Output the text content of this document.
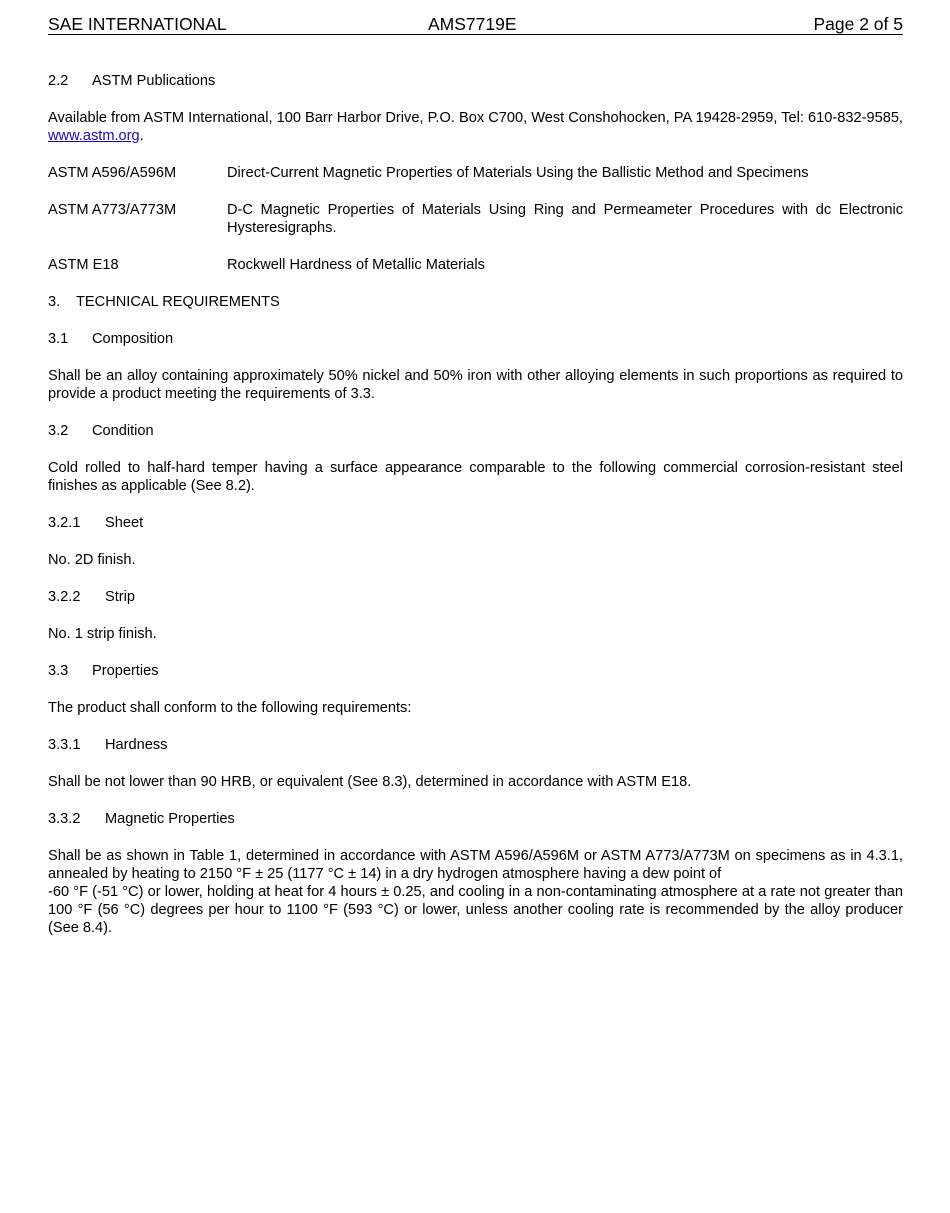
SAE INTERNATIONAL	AMS7719E	Page 2 of 5
2.2 ASTM Publications
Available from ASTM International, 100 Barr Harbor Drive, P.O. Box C700, West Conshohocken, PA 19428-2959, Tel: 610-832-9585, www.astm.org.
ASTM A596/A596M	Direct-Current Magnetic Properties of Materials Using the Ballistic Method and Specimens
ASTM A773/A773M	D-C Magnetic Properties of Materials Using Ring and Permeameter Procedures with dc Electronic Hysteresigraphs.
ASTM E18	Rockwell Hardness of Metallic Materials
3. TECHNICAL REQUIREMENTS
3.1 Composition
Shall be an alloy containing approximately 50% nickel and 50% iron with other alloying elements in such proportions as required to provide a product meeting the requirements of 3.3.
3.2 Condition
Cold rolled to half-hard temper having a surface appearance comparable to the following commercial corrosion-resistant steel finishes as applicable (See 8.2).
3.2.1 Sheet
No. 2D finish.
3.2.2 Strip
No. 1 strip finish.
3.3 Properties
The product shall conform to the following requirements:
3.3.1 Hardness
Shall be not lower than 90 HRB, or equivalent (See 8.3), determined in accordance with ASTM E18.
3.3.2 Magnetic Properties
Shall be as shown in Table 1, determined in accordance with ASTM A596/A596M or ASTM A773/A773M on specimens as in 4.3.1, annealed by heating to 2150 °F ± 25 (1177 °C ± 14) in a dry hydrogen atmosphere having a dew point of
-60 °F (-51 °C) or lower, holding at heat for 4 hours ± 0.25, and cooling in a non-contaminating atmosphere at a rate not greater than 100 °F (56 °C) degrees per hour to 1100 °F (593 °C) or lower, unless another cooling rate is recommended by the alloy producer (See 8.4).
